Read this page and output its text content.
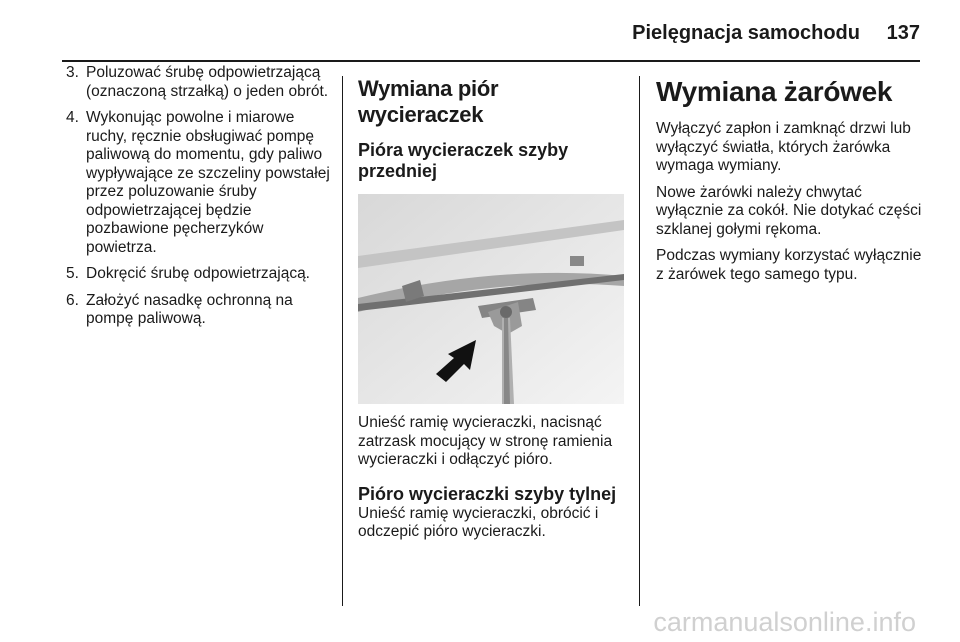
Pielęgnacja samochodu 137
3. Poluzować śrubę odpowietrzającą (oznaczoną strzałką) o jeden obrót.
4. Wykonując powolne i miarowe ruchy, ręcznie obsługiwać pompę paliwową do momentu, gdy paliwo wypływające ze szczeliny powstałej przez poluzowanie śruby odpowietrzającej będzie pozbawione pęcherzyków powietrza.
5. Dokręcić śrubę odpowietrzającą.
6. Założyć nasadkę ochronną na pompę paliwową.
Wymiana piór wycieraczek
Pióra wycieraczek szyby przedniej

Unieść ramię wycieraczki, nacisnąć zatrzask mocujący w stronę ramienia wycieraczki i odłączyć pióro.

Pióro wycieraczki szyby tylnej

Unieść ramię wycieraczki, obrócić i odczepić pióro wycieraczki.

Wymiana żarówek

Wyłączyć zapłon i zamknąć drzwi lub wyłączyć światła, których żarówka wymaga wymiany.

Nowe żarówki należy chwytać wyłącznie za cokół. Nie dotykać części szklanej gołymi rękoma.

Podczas wymiany korzystać wyłącznie z żarówek tego samego typu.

carmanualsonline.info
